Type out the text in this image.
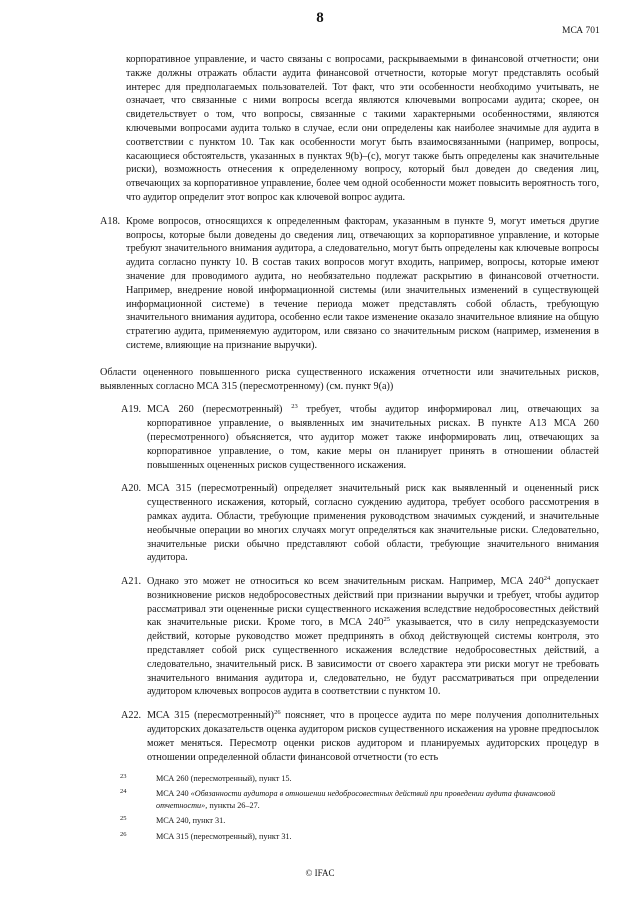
8
МСА 701

корпоративное управление, и часто связаны с вопросами, раскрываемыми в финансовой отчетности; они также должны отражать области аудита финансовой отчетности, которые могут представлять особый интерес для предполагаемых пользователей. Тот факт, что эти особенности необходимо учитывать, не означает, что связанные с ними вопросы всегда являются ключевыми вопросами аудита; скорее, он свидетельствует о том, что вопросы, связанные с такими характерными особенностями, являются ключевыми вопросами аудита только в случае, если они определены как наиболее значимые для аудита в соответствии с пунктом 10. Так как особенности могут быть взаимосвязанными (например, вопросы, касающиеся обстоятельств, указанных в пунктах 9(b)–(c), могут также быть определены как значительные риски), возможность отнесения к определенному вопросу, который был доведен до сведения лиц, отвечающих за корпоративное управление, более чем одной особенности может повысить вероятность того, что аудитор определит этот вопрос как ключевой вопрос аудита.

A18. Кроме вопросов, относящихся к определенным факторам, указанным в пункте 9, могут иметься другие вопросы, которые были доведены до сведения лиц, отвечающих за корпоративное управление, и которые требуют значительного внимания аудитора, а следовательно, могут быть определены как ключевые вопросы аудита согласно пункту 10. В состав таких вопросов могут входить, например, вопросы, которые имеют значение для проводимого аудита, но необязательно подлежат раскрытию в финансовой отчетности. Например, внедрение новой информационной системы (или значительных изменений в существующей информационной системе) в течение периода может представлять собой область, требующую значительного внимания аудитора, особенно если такое изменение оказало значительное влияние на общую стратегию аудита, применяемую аудитором, или связано со значительным риском (например, изменения в системе, влияющие на признание выручки).

Области оцененного повышенного риска существенного искажения отчетности или значительных рисков, выявленных согласно МСА 315 (пересмотренному) (см. пункт 9(a))

A19. МСА 260 (пересмотренный) $^{23}$ требует, чтобы аудитор информировал лиц, отвечающих за корпоративное управление, о выявленных им значительных рисках. В пункте A13 МСА 260 (пересмотренного) объясняется, что аудитор может также информировать лиц, отвечающих за корпоративное управление, о том, какие меры он планирует принять в отношении областей повышенных оцененных рисков существенного искажения.

A20. МСА 315 (пересмотренный) определяет значительный риск как выявленный и оцененный риск существенного искажения, который, согласно суждению аудитора, требует особого рассмотрения в рамках аудита. Области, требующие применения руководством значимых суждений, и значительные необычные операции во многих случаях могут определяться как значительные риски. Следовательно, значительные риски обычно представляют собой области, требующие значительного внимания аудитора.

A21. Однако это может не относиться ко всем значительным рискам. Например, МСА $240^{24}$ допускает возникновение рисков недобросовестных действий при признании выручки и требует, чтобы аудитор рассматривал эти оцененные риски существенного искажения вследствие недобросовестных действий как значительные риски. Кроме того, в МСА $240^{25}$ указывается, что в силу непредсказуемости действий, которые руководство может предпринять в обход действующей системы контроля, это представляет собой риск существенного искажения вследствие недобросовестных действий, а следовательно, значительный риск. В зависимости от своего характера эти риски могут не требовать значительного внимания аудитора и, следовательно, не будут рассматриваться при определении аудитором ключевых вопросов аудита в соответствии с пунктом 10.

A22. МСА 315 (пересмотренный)$^{26}$ поясняет, что в процессе аудита по мере получения дополнительных аудиторских доказательств оценка аудитором рисков существенного искажения на уровне предпосылок может меняться. Пересмотр оценки рисков аудитором и планируемых аудиторских процедур в отношении определенной области финансовой отчетности (то есть

23	МСА 260 (пересмотренный), пункт 15.

24	МСА 240 «Обязанности аудитора в отношении недобросовестных действий при проведении аудита финансовой отчетности», пункты 26–27.

25	МСА 240, пункт 31.

26	МСА 315 (пересмотренный), пункт 31.

© IFAC
